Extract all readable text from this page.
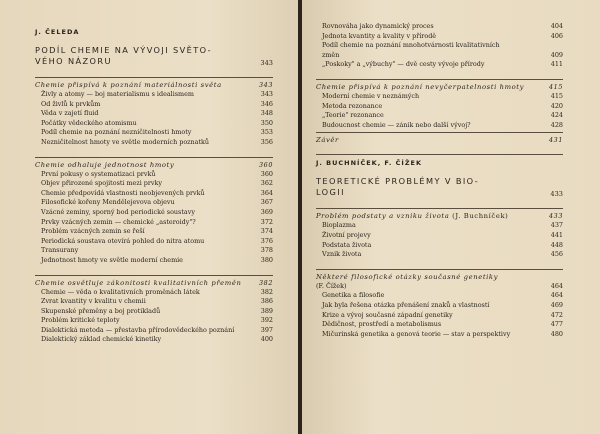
J. ČELEDA
PODÍL CHEMIE NA VÝVOJI SVĚTO-
VÉHO NÁZORU	343
Chemie přispívá k poznání materiálnosti světa	343
Živly a atomy — boj materialismu s idealismem	343
Od živlů k prvkům	346
Věda v zajetí fluid	348
Počátky vědeckého atomismu	350
Podíl chemie na poznání nezničitelnosti hmoty	353
Nezničitelnost hmoty ve světle moderních poznatků	356
Chemie odhaluje jednotnost hmoty	360
První pokusy o systematizaci prvků	360
Objev přirozené spojitosti mezi prvky	362
Chemie předpovídá vlastnosti neobjevených prvků	364
Filosofické kořeny Mendělejevova objevu	367
Vzácné zeminy, sporný bod periodické soustavy	369
Prvky vzácných zemin — chemické „asteroidy"?	372
Problém vzácných zemin se řeší	374
Periodická soustava otevírá pohled do nitra atomu	376
Transurany	378
Jednotnost hmoty ve světle moderní chemie	380
Chemie osvětluje zákonitosti kvalitativních přeměn	382
Chemie — věda o kvalitativních proměnách látek	382
Zvrat kvantity v kvalitu v chemii	386
Skupenské přeměny a boj protikladů	389
Problém kritické teploty	392
Dialektická metoda — přestavba přírodovědeckého poznání	397
Dialektický základ chemické kinetiky	400
Rovnováha jako dynamický proces	404
Jednota kvantity a kvality v přírodě	406
Podíl chemie na poznání mnohotvárnosti kvalitativních
změn	409
„Poskoky" a „výbuchy" — dvě cesty vývoje přírody	411
Chemie přispívá k poznání nevyčerpatelnosti hmoty	415
Moderní chemie v neznámých	415
Metoda rezonance	420
„Teorie" rezonance	424
Budoucnost chemie — zánik nebo další vývoj?	428
Závěr	431
J. BUCHNÍČEK, F. ČÍŽEK
TEORETICKÉ PROBLÉMY V BIO-
LOGII	433
Problém podstaty a vzniku života (J. Buchníček)	433
Bioplazma	437
Životní projevy	441
Podstata života	448
Vznik života	456
Některé filosofické otázky současné genetiky
(F. Čížek)	464
Genetika a filosofie	464
Jak byla řešena otázka přenášení znaků a vlastností	469
Krize a vývoj současné západní genetiky	472
Dědičnost, prostředí a metabolismus	477
Mičurinská genetika a genová teorie — stav a perspektivy	480
